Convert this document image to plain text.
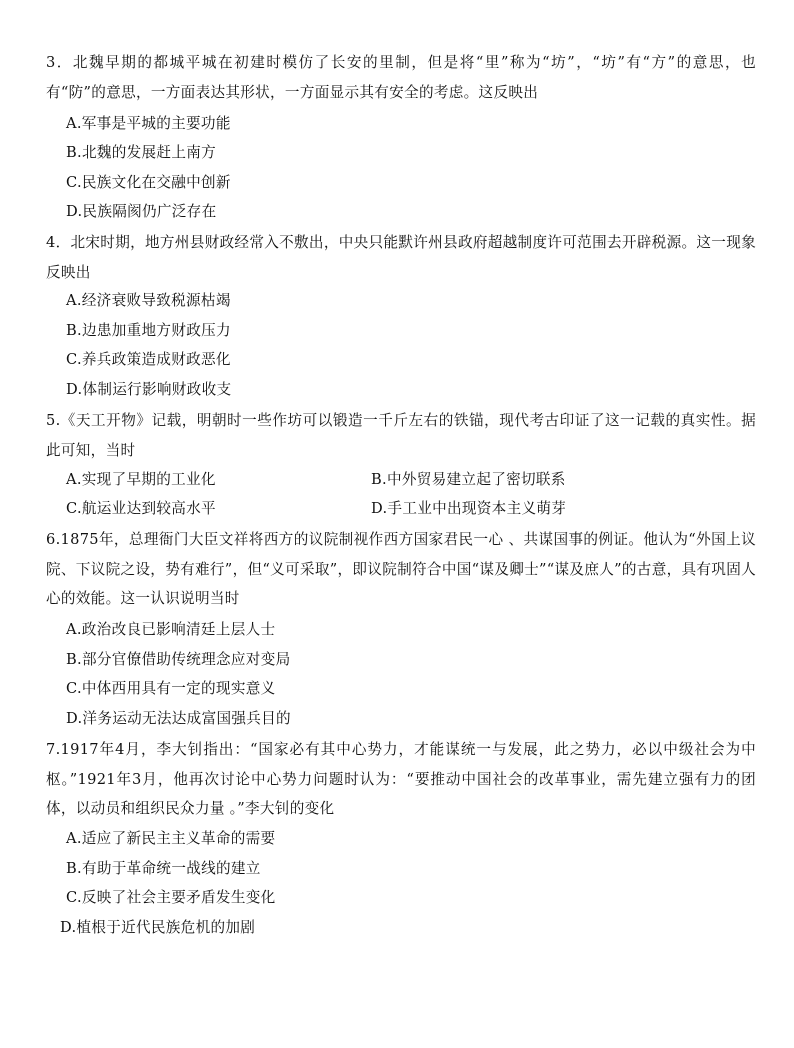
3．北魏早期的都城平城在初建时模仿了长安的里制，但是将“里”称为“坊”，“坊”有“方”的意思，也有“防”的意思，一方面表达其形状，一方面显示其有安全的考虑。这反映出
A.军事是平城的主要功能
B.北魏的发展赶上南方
C.民族文化在交融中创新
D.民族隔阂仍广泛存在
4．北宋时期，地方州县财政经常入不敷出，中央只能默许州县政府超越制度许可范围去开辟税源。这一现象反映出
A.经济衰败导致税源枯竭
B.边患加重地方财政压力
C.养兵政策造成财政恶化
D.体制运行影响财政收支
5.《天工开物》记载，明朝时一些作坊可以锻造一千斤左右的铁锚，现代考古印证了这一记载的真实性。据此可知，当时
A.实现了早期的工业化	B.中外贸易建立起了密切联系
C.航运业达到较高水平	D.手工业中出现资本主义萌芽
6.1875年，总理衙门大臣文祥将西方的议院制视作西方国家君民一心 、共谋国事的例证。他认为“外国上议院、下议院之设，势有难行”，但“义可采取”，即议院制符合中国“谋及卿士”“谋及庶人”的古意，具有巩固人心的效能。这一认识说明当时
A.政治改良已影响清廷上层人士
B.部分官僚借助传统理念应对变局
C.中体西用具有一定的现实意义
D.洋务运动无法达成富国强兵目的
7.1917年4月，李大钊指出：“国家必有其中心势力，才能谋统一与发展，此之势力，必以中级社会为中枢。”1921年3月，他再次讨论中心势力问题时认为：“要推动中国社会的改革事业，需先建立强有力的团体，以动员和组织民众力量 。”李大钊的变化
A.适应了新民主主义革命的需要
B.有助于革命统一战线的建立
C.反映了社会主要矛盾发生变化
D.植根于近代民族危机的加剧
